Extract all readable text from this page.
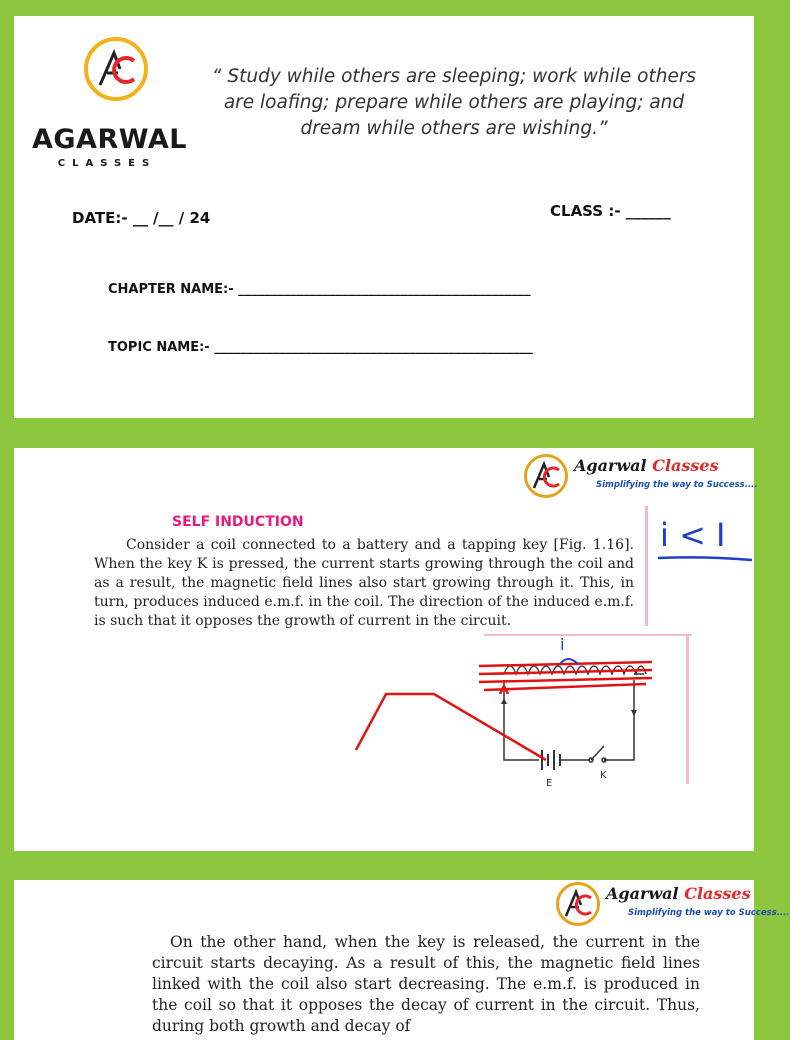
AGARWAL
CLASSES
“ Study while others are sleeping; work while others are loafing; prepare while others are playing; and dream while others are wishing.”
DATE:- __ /__ / 24	CLASS :- ______
CHAPTER NAME:- _____________________________________________
TOPIC NAME:- _________________________________________________
Agarwal Classes
Simplifying the way to Success....
SELF INDUCTION
Consider a coil connected to a battery and a tapping key [Fig. 1.16]. When the key K is pressed, the current starts growing through the coil and as a result, the magnetic field lines also start growing through it. This, in turn, produces induced e.m.f. in the coil. The direction of the induced e.m.f. is such that it opposes the growth of current in the circuit.
i < I
E
K
i
Agarwal Classes
Simplifying the way to Success....
On the other hand, when the key is released, the current in the circuit starts decaying. As a result of this, the magnetic field lines linked with the coil also start decreasing. The e.m.f. is produced in the coil so that it opposes the decay of current in the circuit. Thus, during both growth and decay of
